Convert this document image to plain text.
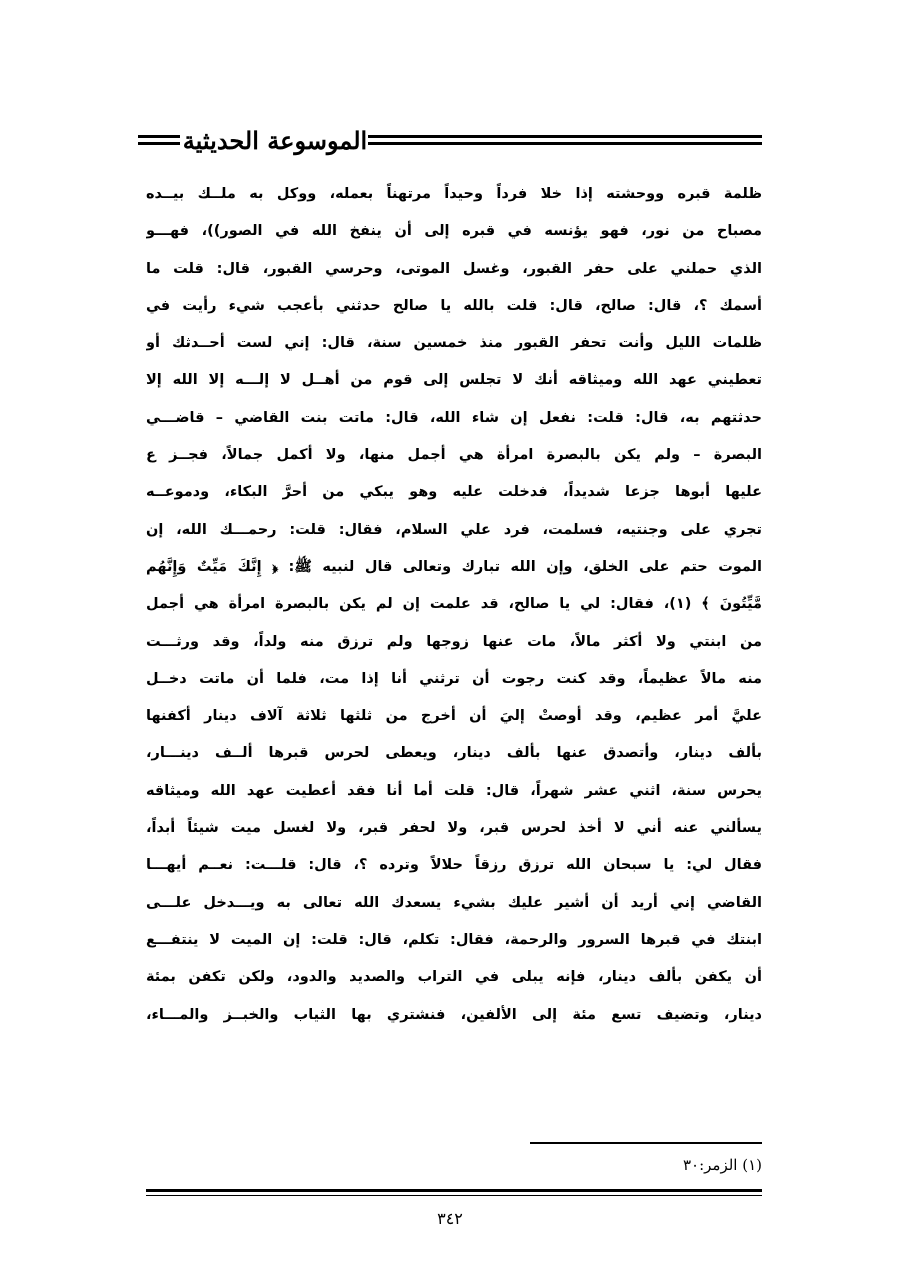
الموسوعة الحديثية
ظلمة قبره ووحشته إذا خلا فرداً وحيداً مرتهناً بعمله، ووكل به ملــك بيــده
مصباح من نور، فهو يؤنسه في قبره إلى أن ينفخ الله في الصور))، فهـــو
الذي حملني على حفر القبور، وغسل الموتى، وحرسي القبور، قال: قلت ما
أسمك ؟، قال: صالح، قال: قلت بالله يا صالح حدثني بأعجب شيء رأيت في
ظلمات الليل وأنت تحفر القبور منذ خمسين سنة، قال: إني لست أحــدثك أو
تعطيني عهد الله وميثاقه أنك لا تجلس إلى قوم من أهــل لا إلـــه إلا الله إلا
حدثتهم به، قال: قلت: نفعل إن شاء الله، قال: ماتت بنت القاضي – قاضـــي
البصرة – ولم يكن بالبصرة امرأة هي أجمل منها، ولا أكمل جمالاً، فجــز ع
عليها أبوها جزعا شديداً، فدخلت عليه وهو يبكي من أحرَّ البكاء، ودموعــه
تجري على وجنتيه، فسلمت، فرد علي السلام، فقال: قلت: رحمـــك الله، إن
الموت حتم على الخلق، وإن الله تبارك وتعالى قال لنبيه ﷺ: ﴿ إِنَّكَ مَيِّتٌ وَإِنَّهُم
مَّيِّتُونَ ﴾ (١)، فقال: لي يا صالح، قد علمت إن لم يكن بالبصرة امرأة هي أجمل
من ابنتي ولا أكثر مالاً، مات عنها زوجها ولم ترزق منه ولداً، وقد ورثـــت
منه مالاً عظيماً، وقد كنت رجوت أن ترثني أنا إذا مت، فلما أن ماتت دخــل
عليَّ أمر عظيم، وقد أوصتْ إليَ أن أخرج من ثلثها ثلاثة آلاف دينار أكفنها
بألف دينار، وأتصدق عنها بألف دينار، ويعطى لحرس قبرها ألــف دينـــار،
يحرس سنة، اثني عشر شهراً، قال: قلت أما أنا فقد أعطيت عهد الله وميثاقه
يسألني عنه أني لا أخذ لحرس قبر، ولا لحفر قبر، ولا لغسل ميت شيئاً أبداً،
فقال لي: يا سبحان الله ترزق رزقاً حلالاً وترده ؟، قال: قلـــت: نعــم أيهـــا
القاضي إني أريد أن أشير عليك بشيء يسعدك الله تعالى به ويـــدخل علـــى
ابنتك في قبرها السرور والرحمة، فقال: تكلم، قال: قلت: إن الميت لا ينتفـــع
أن يكفن بألف دينار، فإنه يبلى في التراب والصديد والدود، ولكن تكفن بمئة
دينار، وتضيف تسع مئة إلى الألفين، فنشتري بها الثياب والخبــز والمـــاء،
(١) الزمر:٣٠
٣٤٢
